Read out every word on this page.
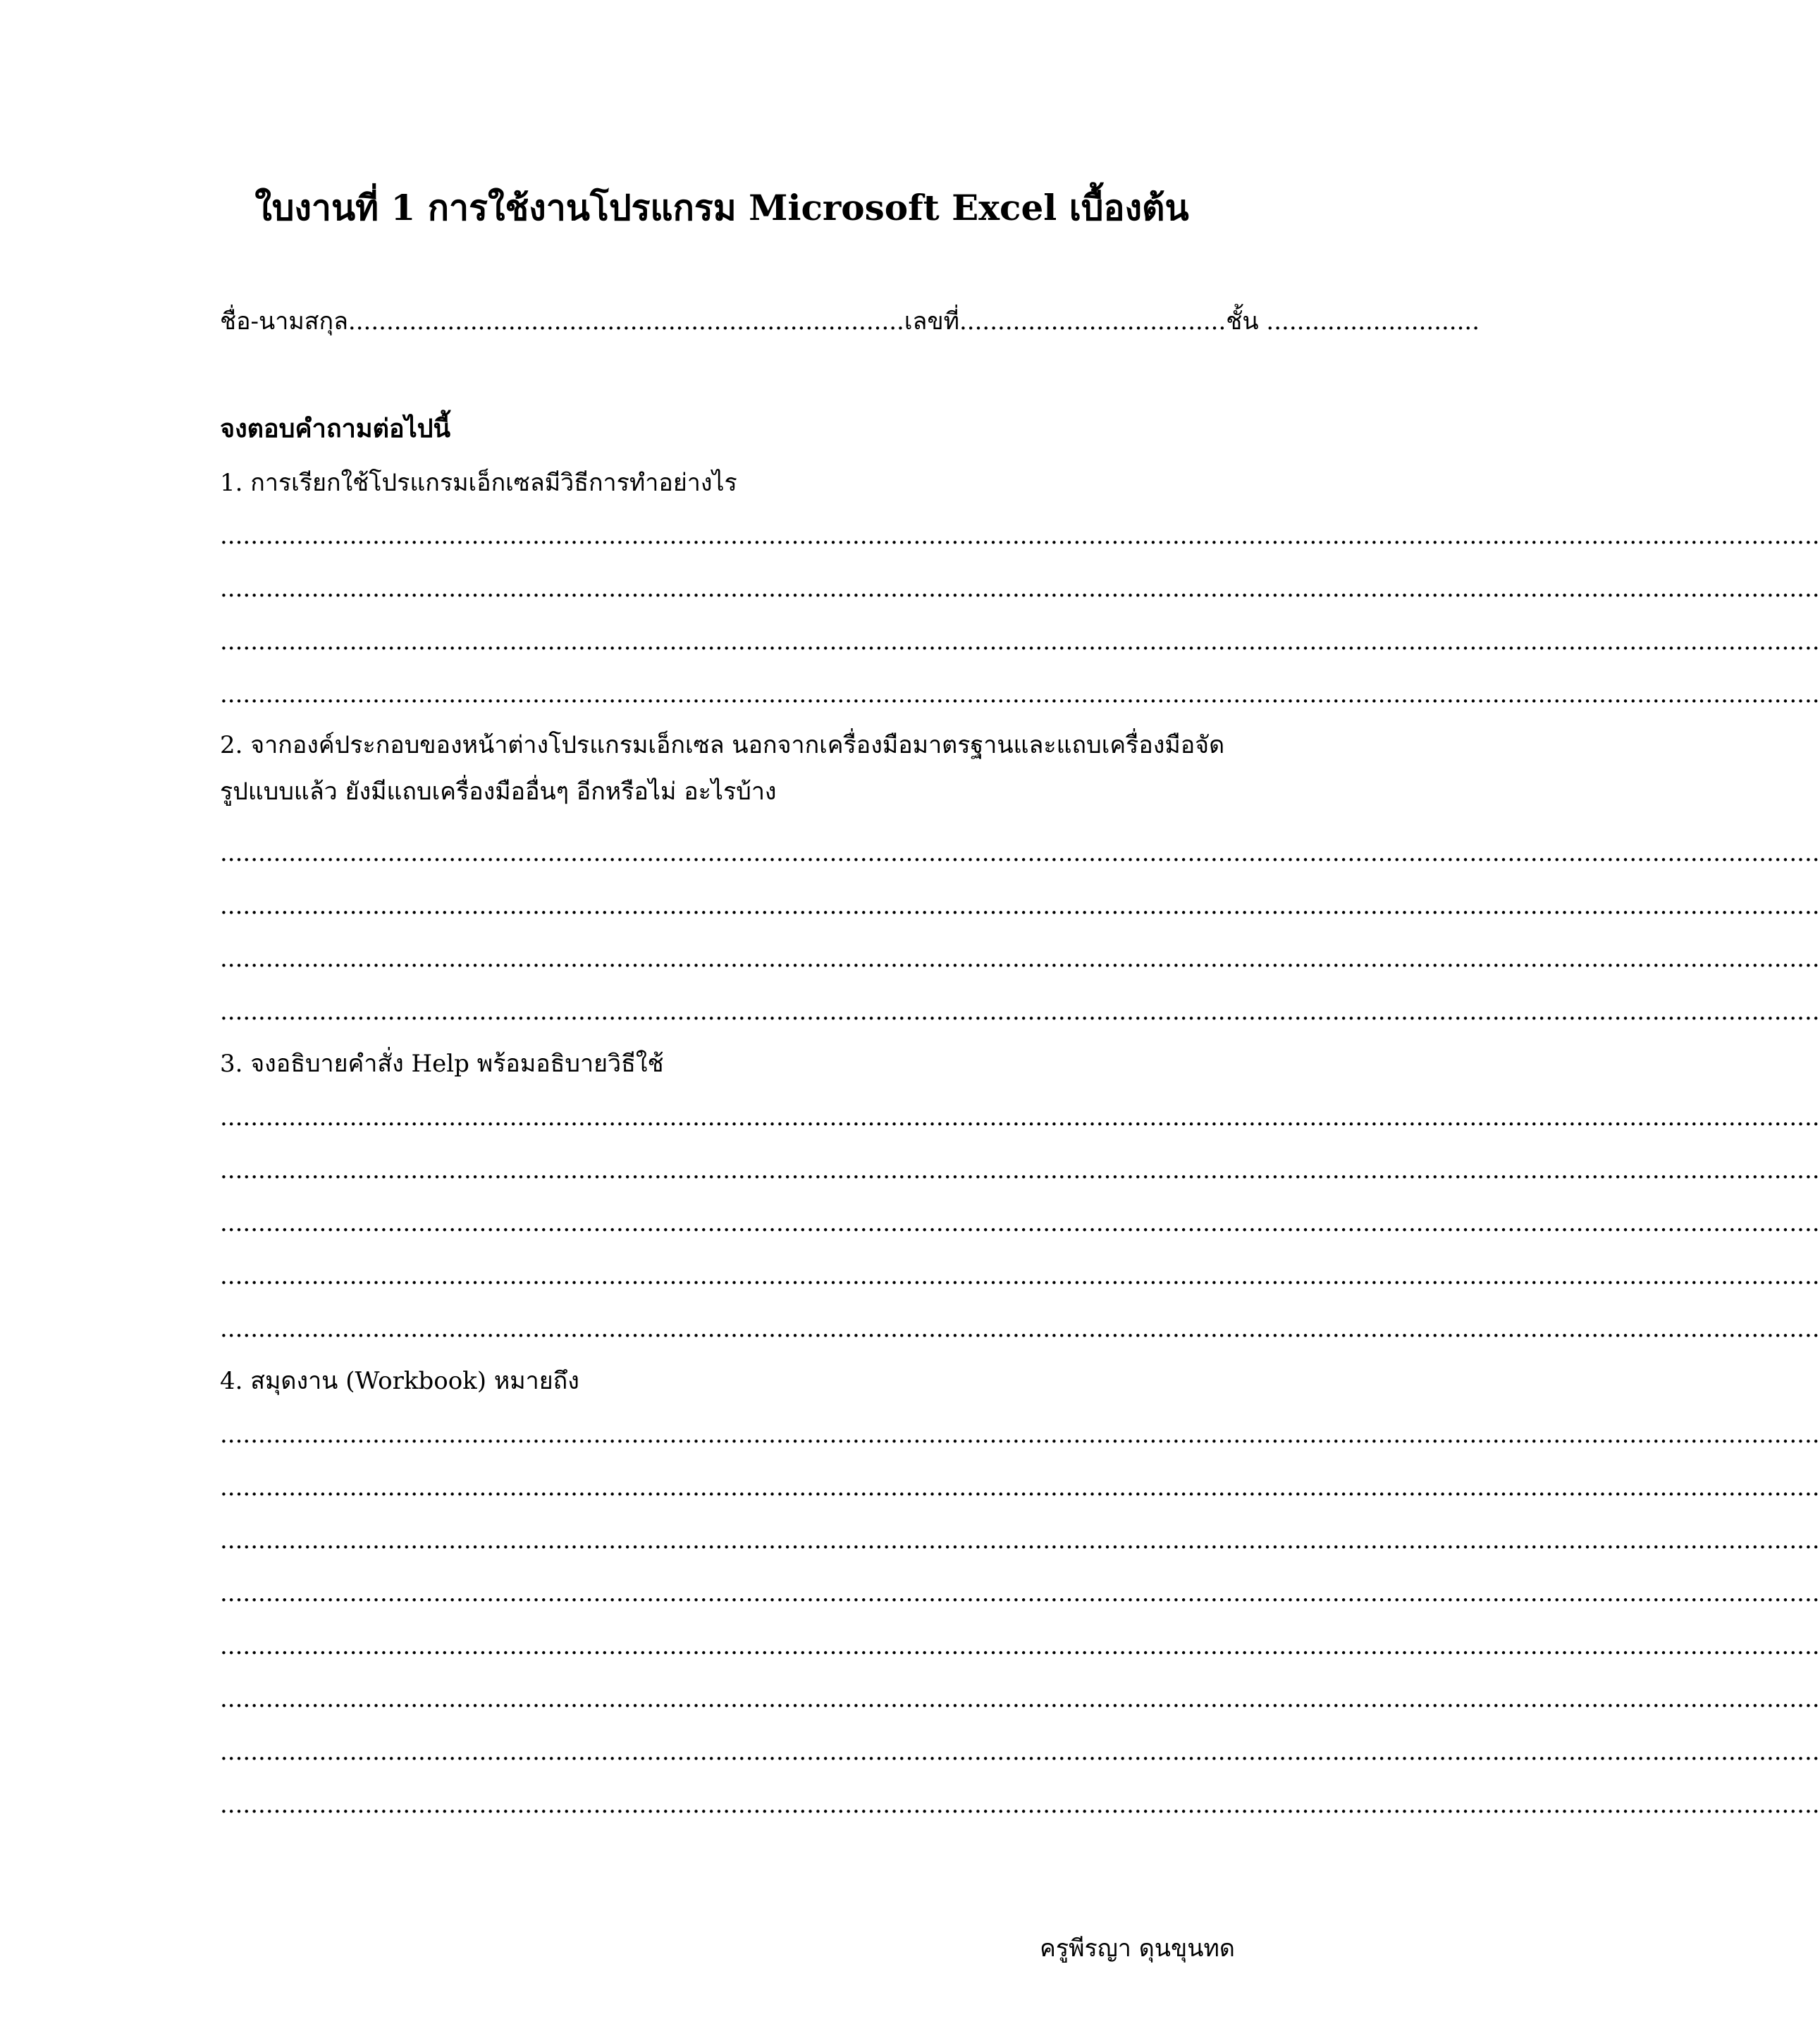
ใบงานที่ 1 การใช้งานโปรแกรม Microsoft Excel เบื้องต้น
ชื่อ-นามสกุล.........................................................................เลขที่...................................ชั้น ............................
จงตอบคำถามต่อไปนี้
1. การเรียกใช้โปรแกรมเอ็กเซลมีวิธีการทำอย่างไร
..................................................................................................................................................................................................................
..................................................................................................................................................................................................................
..................................................................................................................................................................................................................
..................................................................................................................................................................................................................
2. จากองค์ประกอบของหน้าต่างโปรแกรมเอ็กเซล นอกจากเครื่องมือมาตรฐานและแถบเครื่องมือจัดรูปแบบแล้ว ยังมีแถบเครื่องมืออื่นๆ อีกหรือไม่ อะไรบ้าง
..................................................................................................................................................................................................................
..................................................................................................................................................................................................................
..................................................................................................................................................................................................................
..................................................................................................................................................................................................................
3. จงอธิบายคำสั่ง Help พร้อมอธิบายวิธีใช้
..................................................................................................................................................................................................................
..................................................................................................................................................................................................................
..................................................................................................................................................................................................................
..................................................................................................................................................................................................................
..................................................................................................................................................................................................................
4. สมุดงาน (Workbook) หมายถึง
..................................................................................................................................................................................................................
..................................................................................................................................................................................................................
..................................................................................................................................................................................................................
..................................................................................................................................................................................................................
..................................................................................................................................................................................................................
..................................................................................................................................................................................................................
..................................................................................................................................................................................................................
..................................................................................................................................................................................................................
ครูพีรญา ดุนขุนทด
